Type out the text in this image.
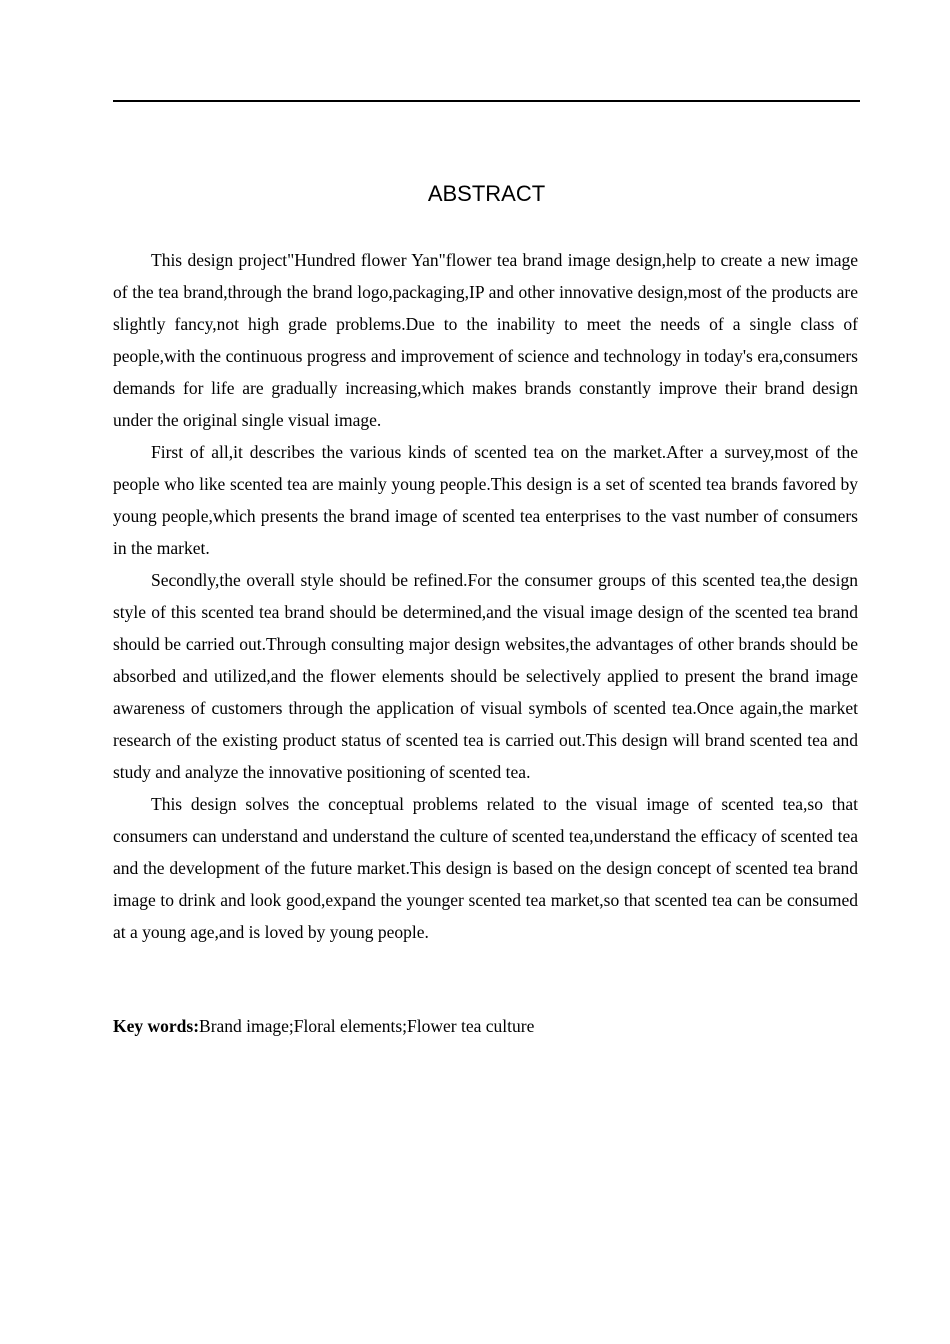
ABSTRACT

This design project"Hundred flower Yan"flower tea brand image design,help to create a new image of the tea brand,through the brand logo,packaging,IP and other innovative design,most of the products are slightly fancy,not high grade problems.Due to the inability to meet the needs of a single class of people,with the continuous progress and improvement of science and technology in today's era,consumers demands for life are gradually increasing,which makes brands constantly improve their brand design under the original single visual image.

First of all,it describes the various kinds of scented tea on the market.After a survey,most of the people who like scented tea are mainly young people.This design is a set of scented tea brands favored by young people,which presents the brand image of scented tea enterprises to the vast number of consumers in the market.

Secondly,the overall style should be refined.For the consumer groups of this scented tea,the design style of this scented tea brand should be determined,and the visual image design of the scented tea brand should be carried out.Through consulting major design websites,the advantages of other brands should be absorbed and utilized,and the flower elements should be selectively applied to present the brand image awareness of customers through the application of visual symbols of scented tea.Once again,the market research of the existing product status of scented tea is carried out.This design will brand scented tea and study and analyze the innovative positioning of scented tea.

This design solves the conceptual problems related to the visual image of scented tea,so that consumers can understand and understand the culture of scented tea,understand the efficacy of scented tea and the development of the future market.This design is based on the design concept of scented tea brand image to drink and look good,expand the younger scented tea market,so that scented tea can be consumed at a young age,and is loved by young people.

Key words:Brand image;Floral elements;Flower tea culture
